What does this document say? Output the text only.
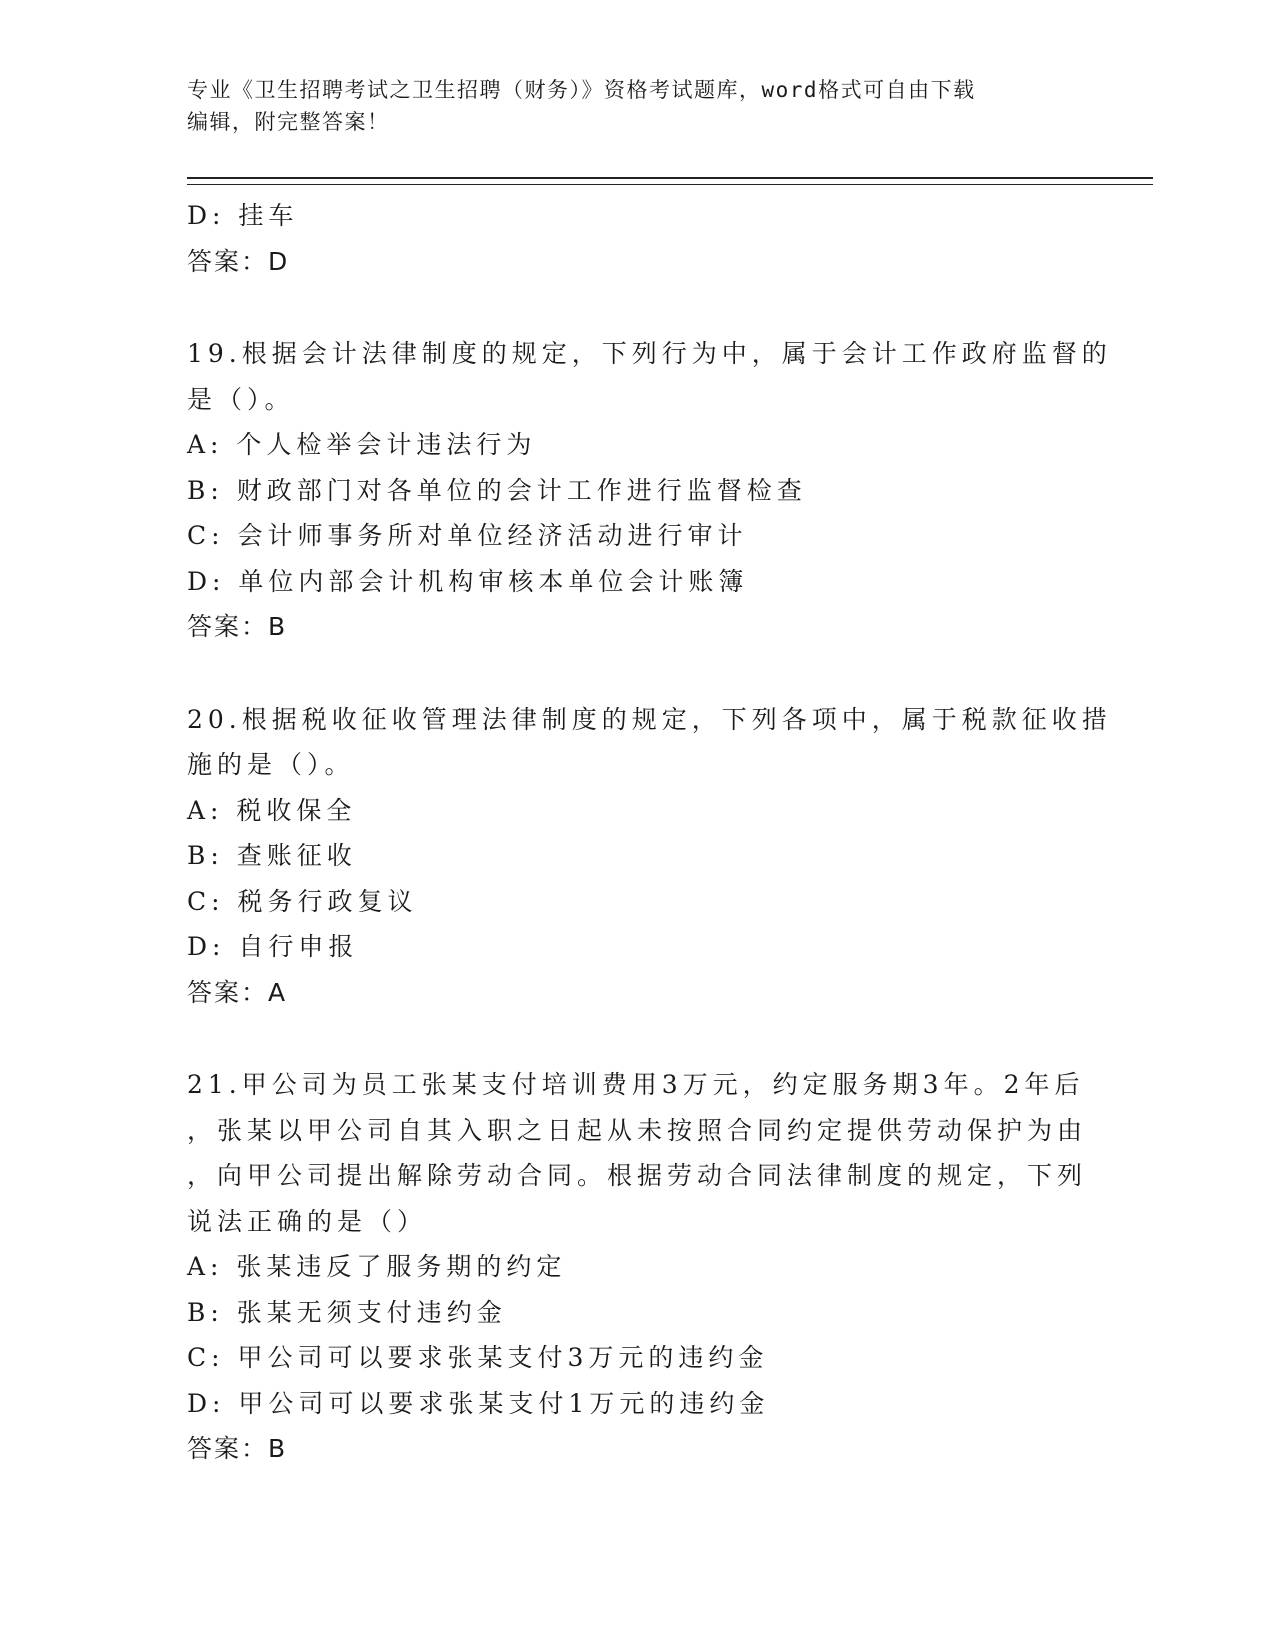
专业《卫生招聘考试之卫生招聘（财务）》资格考试题库，word格式可自由下载
编辑，附完整答案！
D: 挂车
答案：D
19.根据会计法律制度的规定，下列行为中，属于会计工作政府监督的
是（）。
A: 个人检举会计违法行为
B: 财政部门对各单位的会计工作进行监督检查
C: 会计师事务所对单位经济活动进行审计
D: 单位内部会计机构审核本单位会计账簿
答案：B
20.根据税收征收管理法律制度的规定，下列各项中，属于税款征收措
施的是（）。
A: 税收保全
B: 查账征收
C: 税务行政复议
D: 自行申报
答案：A
21.甲公司为员工张某支付培训费用3万元，约定服务期3年。2年后
，张某以甲公司自其入职之日起从未按照合同约定提供劳动保护为由
，向甲公司提出解除劳动合同。根据劳动合同法律制度的规定，下列
说法正确的是（）
A: 张某违反了服务期的约定
B: 张某无须支付违约金
C: 甲公司可以要求张某支付3万元的违约金
D: 甲公司可以要求张某支付1万元的违约金
答案：B
